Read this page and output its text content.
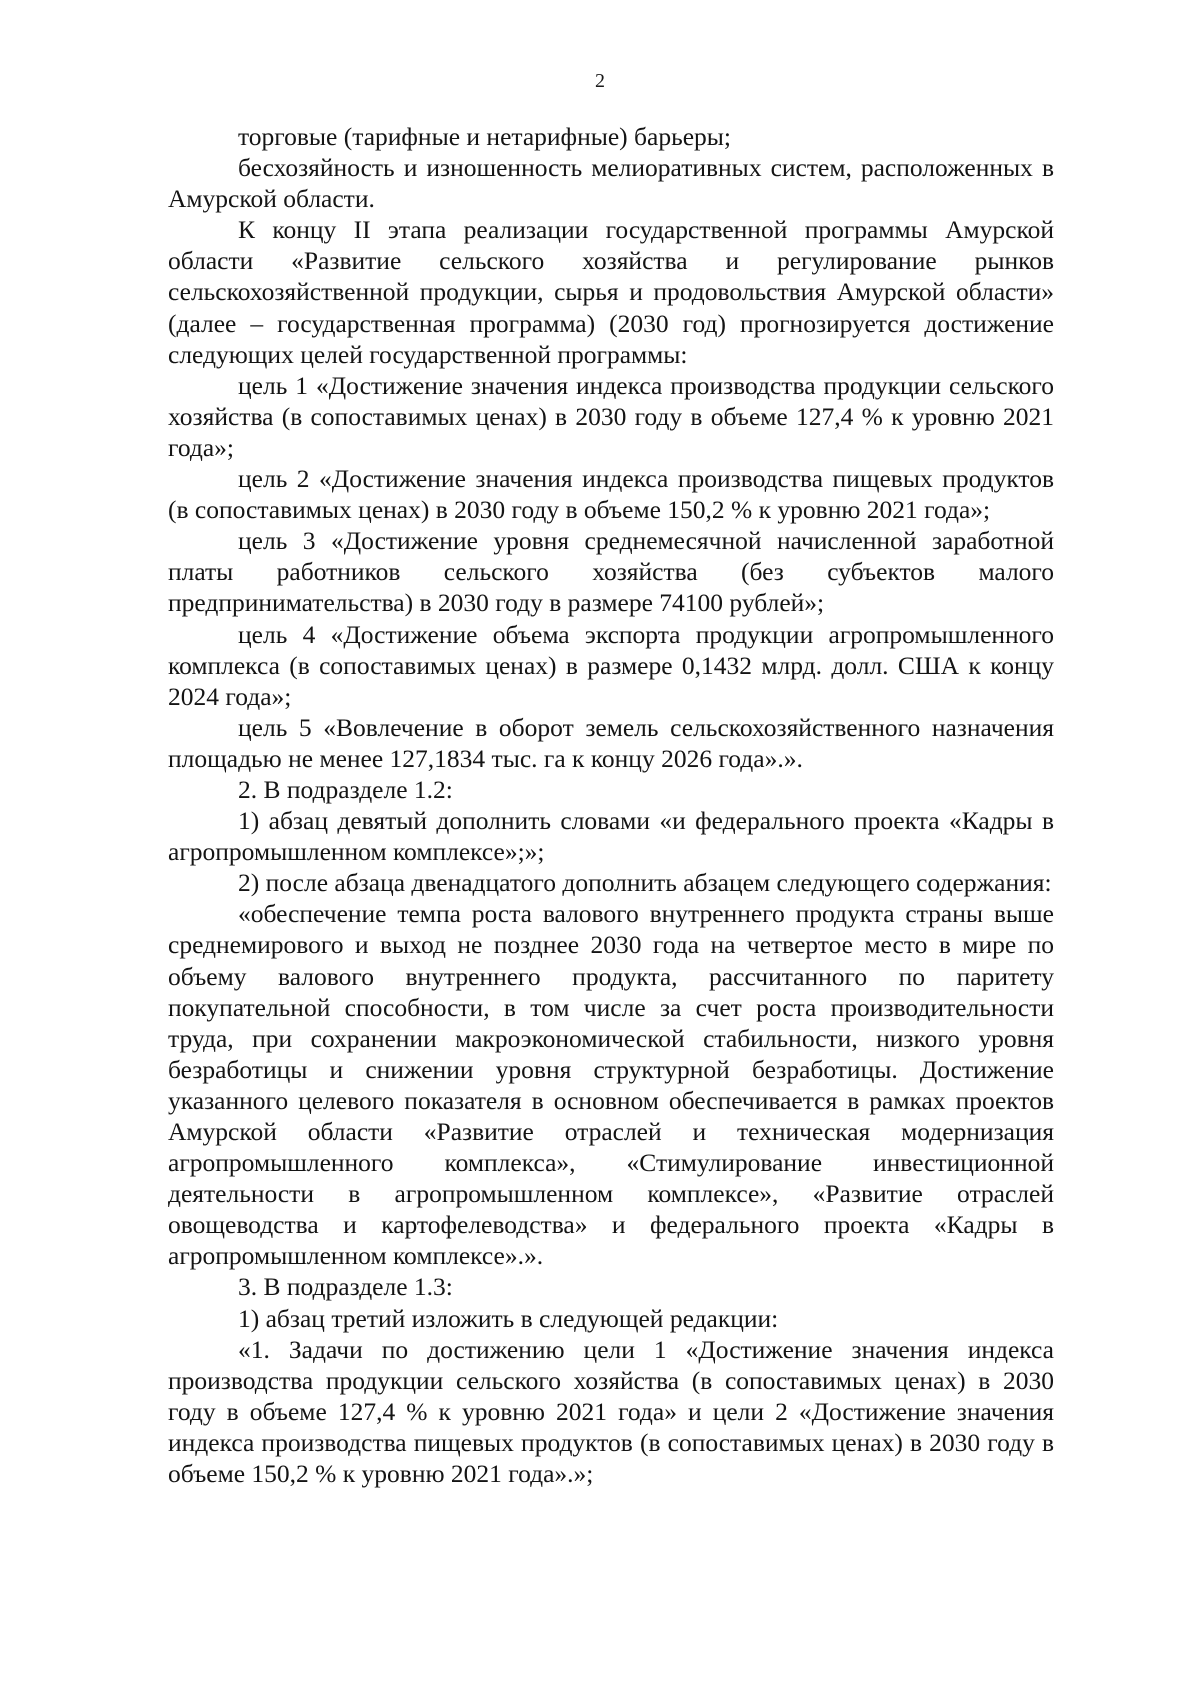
2

торговые (тарифные и нетарифные) барьеры;

бесхозяйность и изношенность мелиоративных систем, расположенных в Амурской области.

К концу II этапа реализации государственной программы Амурской области «Развитие сельского хозяйства и регулирование рынков сельскохозяйственной продукции, сырья и продовольствия Амурской области» (далее – государственная программа) (2030 год) прогнозируется достижение следующих целей государственной программы:

цель 1 «Достижение значения индекса производства продукции сельского хозяйства (в сопоставимых ценах) в 2030 году в объеме 127,4 % к уровню 2021 года»;

цель 2 «Достижение значения индекса производства пищевых продуктов (в сопоставимых ценах) в 2030 году в объеме 150,2 % к уровню 2021 года»;

цель 3 «Достижение уровня среднемесячной начисленной заработной платы работников сельского хозяйства (без субъектов малого предпринимательства) в 2030 году в размере 74100 рублей»;

цель 4 «Достижение объема экспорта продукции агропромышленного комплекса (в сопоставимых ценах) в размере 0,1432 млрд. долл. США к концу 2024 года»;

цель 5 «Вовлечение в оборот земель сельскохозяйственного назначения площадью не менее 127,1834 тыс. га к концу 2026 года».».

2. В подразделе 1.2:

1) абзац девятый дополнить словами «и федерального проекта «Кадры в агропромышленном комплексе»;»;

2) после абзаца двенадцатого дополнить абзацем следующего содержания:

«обеспечение темпа роста валового внутреннего продукта страны выше среднемирового и выход не позднее 2030 года на четвертое место в мире по объему валового внутреннего продукта, рассчитанного по паритету покупательной способности, в том числе за счет роста производительности труда, при сохранении макроэкономической стабильности, низкого уровня безработицы и снижении уровня структурной безработицы. Достижение указанного целевого показателя в основном обеспечивается в рамках проектов Амурской области «Развитие отраслей и техническая модернизация агропромышленного комплекса», «Стимулирование инвестиционной деятельности в агропромышленном комплексе», «Развитие отраслей овощеводства и картофелеводства» и федерального проекта «Кадры в агропромышленном комплексе».».

3. В подразделе 1.3:

1) абзац третий изложить в следующей редакции:

«1. Задачи по достижению цели 1 «Достижение значения индекса производства продукции сельского хозяйства (в сопоставимых ценах) в 2030 году в объеме 127,4 % к уровню 2021 года» и цели 2 «Достижение значения индекса производства пищевых продуктов (в сопоставимых ценах) в 2030 году в объеме 150,2 % к уровню 2021 года».»;
